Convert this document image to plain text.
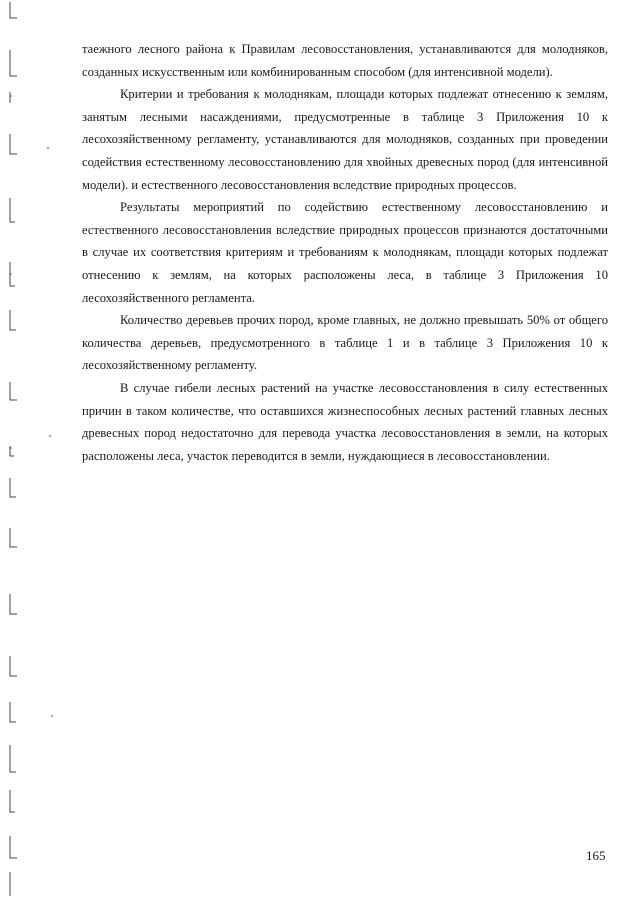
таежного лесного района к Правилам лесовосстановления, устанавливаются для молодняков, созданных искусственным или комбинированным способом (для интенсивной модели).

Критерии и требования к молоднякам, площади которых подлежат отнесению к землям, занятым лесными насаждениями, предусмотренные в таблице 3 Приложения 10 к лесохозяйственному регламенту, устанавливаются для молодняков, созданных при проведении содействия естественному лесовосстановлению для хвойных древесных пород (для интенсивной модели). и естественного лесовосстановления вследствие природных процессов.

Результаты мероприятий по содействию естественному лесовосстановлению и естественного лесовосстановления вследствие природных процессов признаются достаточными в случае их соответствия критериям и требованиям к молоднякам, площади которых подлежат отнесению к землям, на которых расположены леса, в таблице 3 Приложения 10 лесохозяйственного регламента.

Количество деревьев прочих пород, кроме главных, не должно превышать 50% от общего количества деревьев, предусмотренного в таблице 1 и в таблице 3 Приложения 10 к лесохозяйственному регламенту.

В случае гибели лесных растений на участке лесовосстановления в силу естественных причин в таком количестве, что оставшихся жизнеспособных лесных растений главных лесных древесных пород недостаточно для перевода участка лесовосстановления в земли, на которых расположены леса, участок переводится в земли, нуждающиеся в лесовосстановлении.

165
